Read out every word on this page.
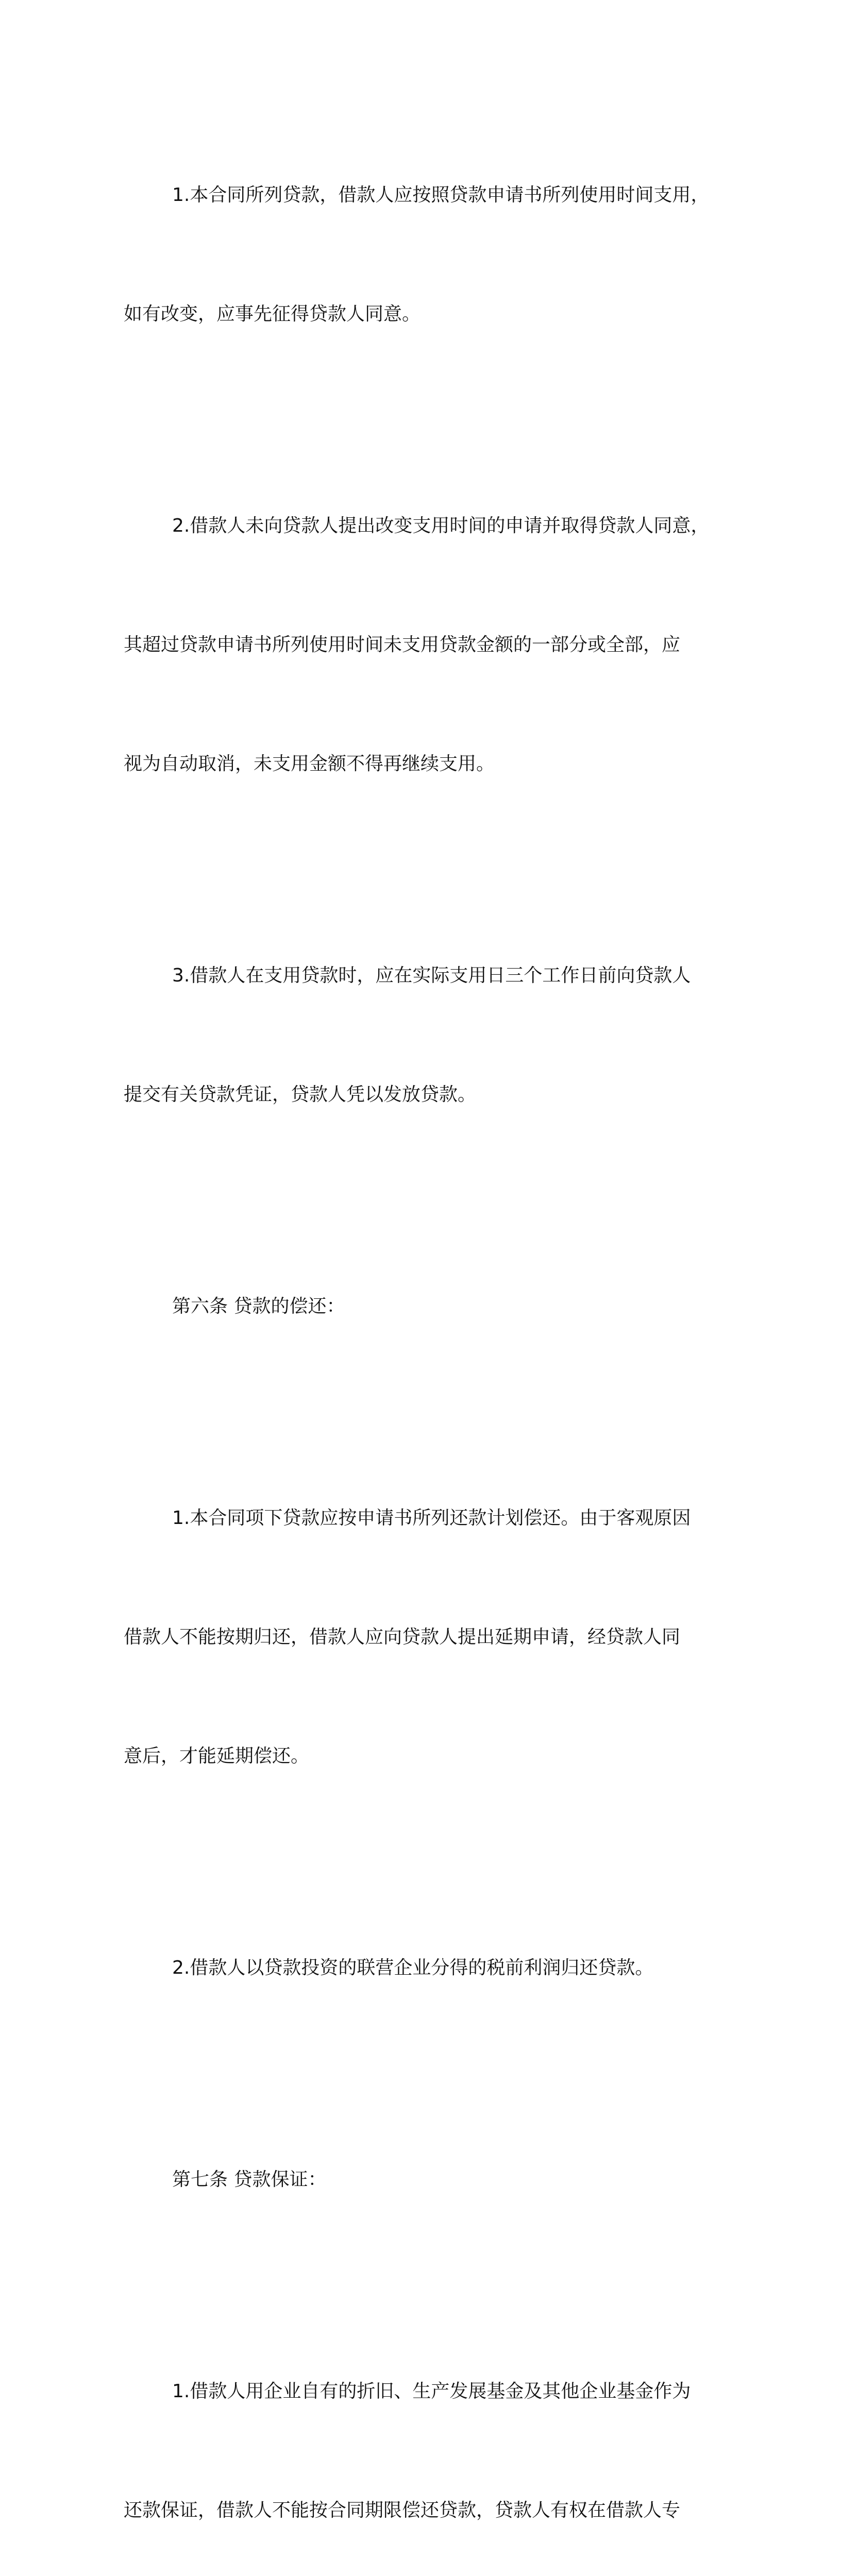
1.本合同所列贷款，借款人应按照贷款申请书所列使用时间支用，

如有改变，应事先征得贷款人同意。

2.借款人未向贷款人提出改变支用时间的申请并取得贷款人同意，

其超过贷款申请书所列使用时间未支用贷款金额的一部分或全部，应

视为自动取消，未支用金额不得再继续支用。

3.借款人在支用贷款时，应在实际支用日三个工作日前向贷款人

提交有关贷款凭证，贷款人凭以发放贷款。

第六条 贷款的偿还：

1.本合同项下贷款应按申请书所列还款计划偿还。由于客观原因

借款人不能按期归还，借款人应向贷款人提出延期申请，经贷款人同

意后，才能延期偿还。

2.借款人以贷款投资的联营企业分得的税前利润归还贷款。

第七条 贷款保证：

1.借款人用企业自有的折旧、生产发展基金及其他企业基金作为

还款保证，借款人不能按合同期限偿还贷款，贷款人有权在借款人专
